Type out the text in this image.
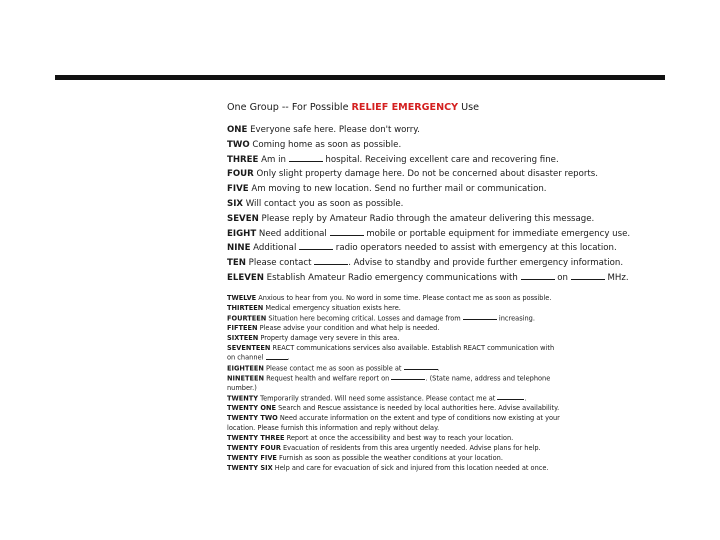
One Group -- For Possible RELIEF EMERGENCY Use
ONE Everyone safe here. Please don't worry.
TWO Coming home as soon as possible.
THREE Am in	hospital. Receiving excellent care and recovering fine.
FOUR Only slight property damage here. Do not be concerned about disaster reports.
FIVE Am moving to new location. Send no further mail or communication.
SIX Will contact you as soon as possible.
SEVEN Please reply by Amateur Radio through the amateur delivering this message.
EIGHT Need additional	mobile or portable equipment for immediate emergency use.
NINE Additional	radio operators needed to assist with emergency at this location.
TEN Please contact	. Advise to standby and provide further emergency information.
ELEVEN Establish Amateur Radio emergency communications with	on	MHz.
TWELVE Anxious to hear from you. No word in some time. Please contact me as soon as possible.
THIRTEEN Medical emergency situation exists here.
FOURTEEN Situation here becoming critical. Losses and damage from	increasing.
FIFTEEN Please advise your condition and what help is needed.
SIXTEEN Property damage very severe in this area.
SEVENTEEN REACT communications services also available. Establish REACT communication with
on channel	.
EIGHTEEN Please contact me as soon as possible at	.
NINETEEN Request health and welfare report on	. (State name, address and telephone
number.)
TWENTY Temporarily stranded. Will need some assistance. Please contact me at	.
TWENTY ONE Search and Rescue assistance is needed by local authorities here. Advise availability.
TWENTY TWO Need accurate information on the extent and type of conditions now existing at your
location. Please furnish this information and reply without delay.
TWENTY THREE Report at once the accessibility and best way to reach your location.
TWENTY FOUR Evacuation of residents from this area urgently needed. Advise plans for help.
TWENTY FIVE Furnish as soon as possible the weather conditions at your location.
TWENTY SIX Help and care for evacuation of sick and injured from this location needed at once.
